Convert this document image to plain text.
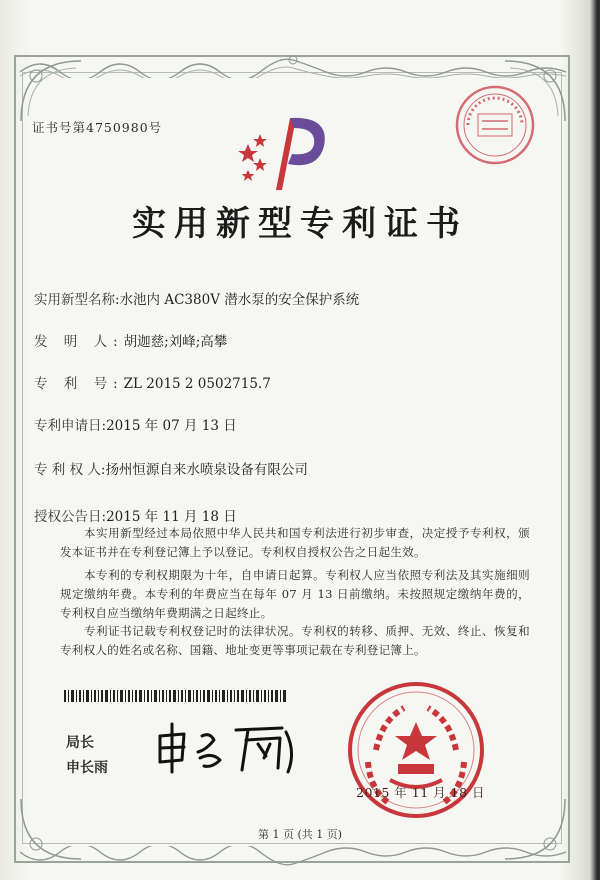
证书号第4750980号
实用新型专利证书
实用新型名称:水池内 AC380V 潜水泵的安全保护系统
发 明 人:胡迦慈;刘峰;高攀
专 利 号:ZL 2015 2 0502715.7
专利申请日:2015 年 07 月 13 日
专 利 权 人:扬州恒源自来水喷泉设备有限公司
授权公告日:2015 年 11 月 18 日

本实用新型经过本局依照中华人民共和国专利法进行初步审查，决定授予专利权，颁发本证书并在专利登记簿上予以登记。专利权自授权公告之日起生效。

本专利的专利权期限为十年，自申请日起算。专利权人应当依照专利法及其实施细则规定缴纳年费。本专利的年费应当在每年 07 月 13 日前缴纳。未按照规定缴纳年费的，专利权自应当缴纳年费期满之日起终止。

专利证书记载专利权登记时的法律状况。专利权的转移、质押、无效、终止、恢复和专利权人的姓名或名称、国籍、地址变更等事项记载在专利登记簿上。

局长
申长雨
2015 年 11 月 18 日
第 1 页 (共 1 页)
